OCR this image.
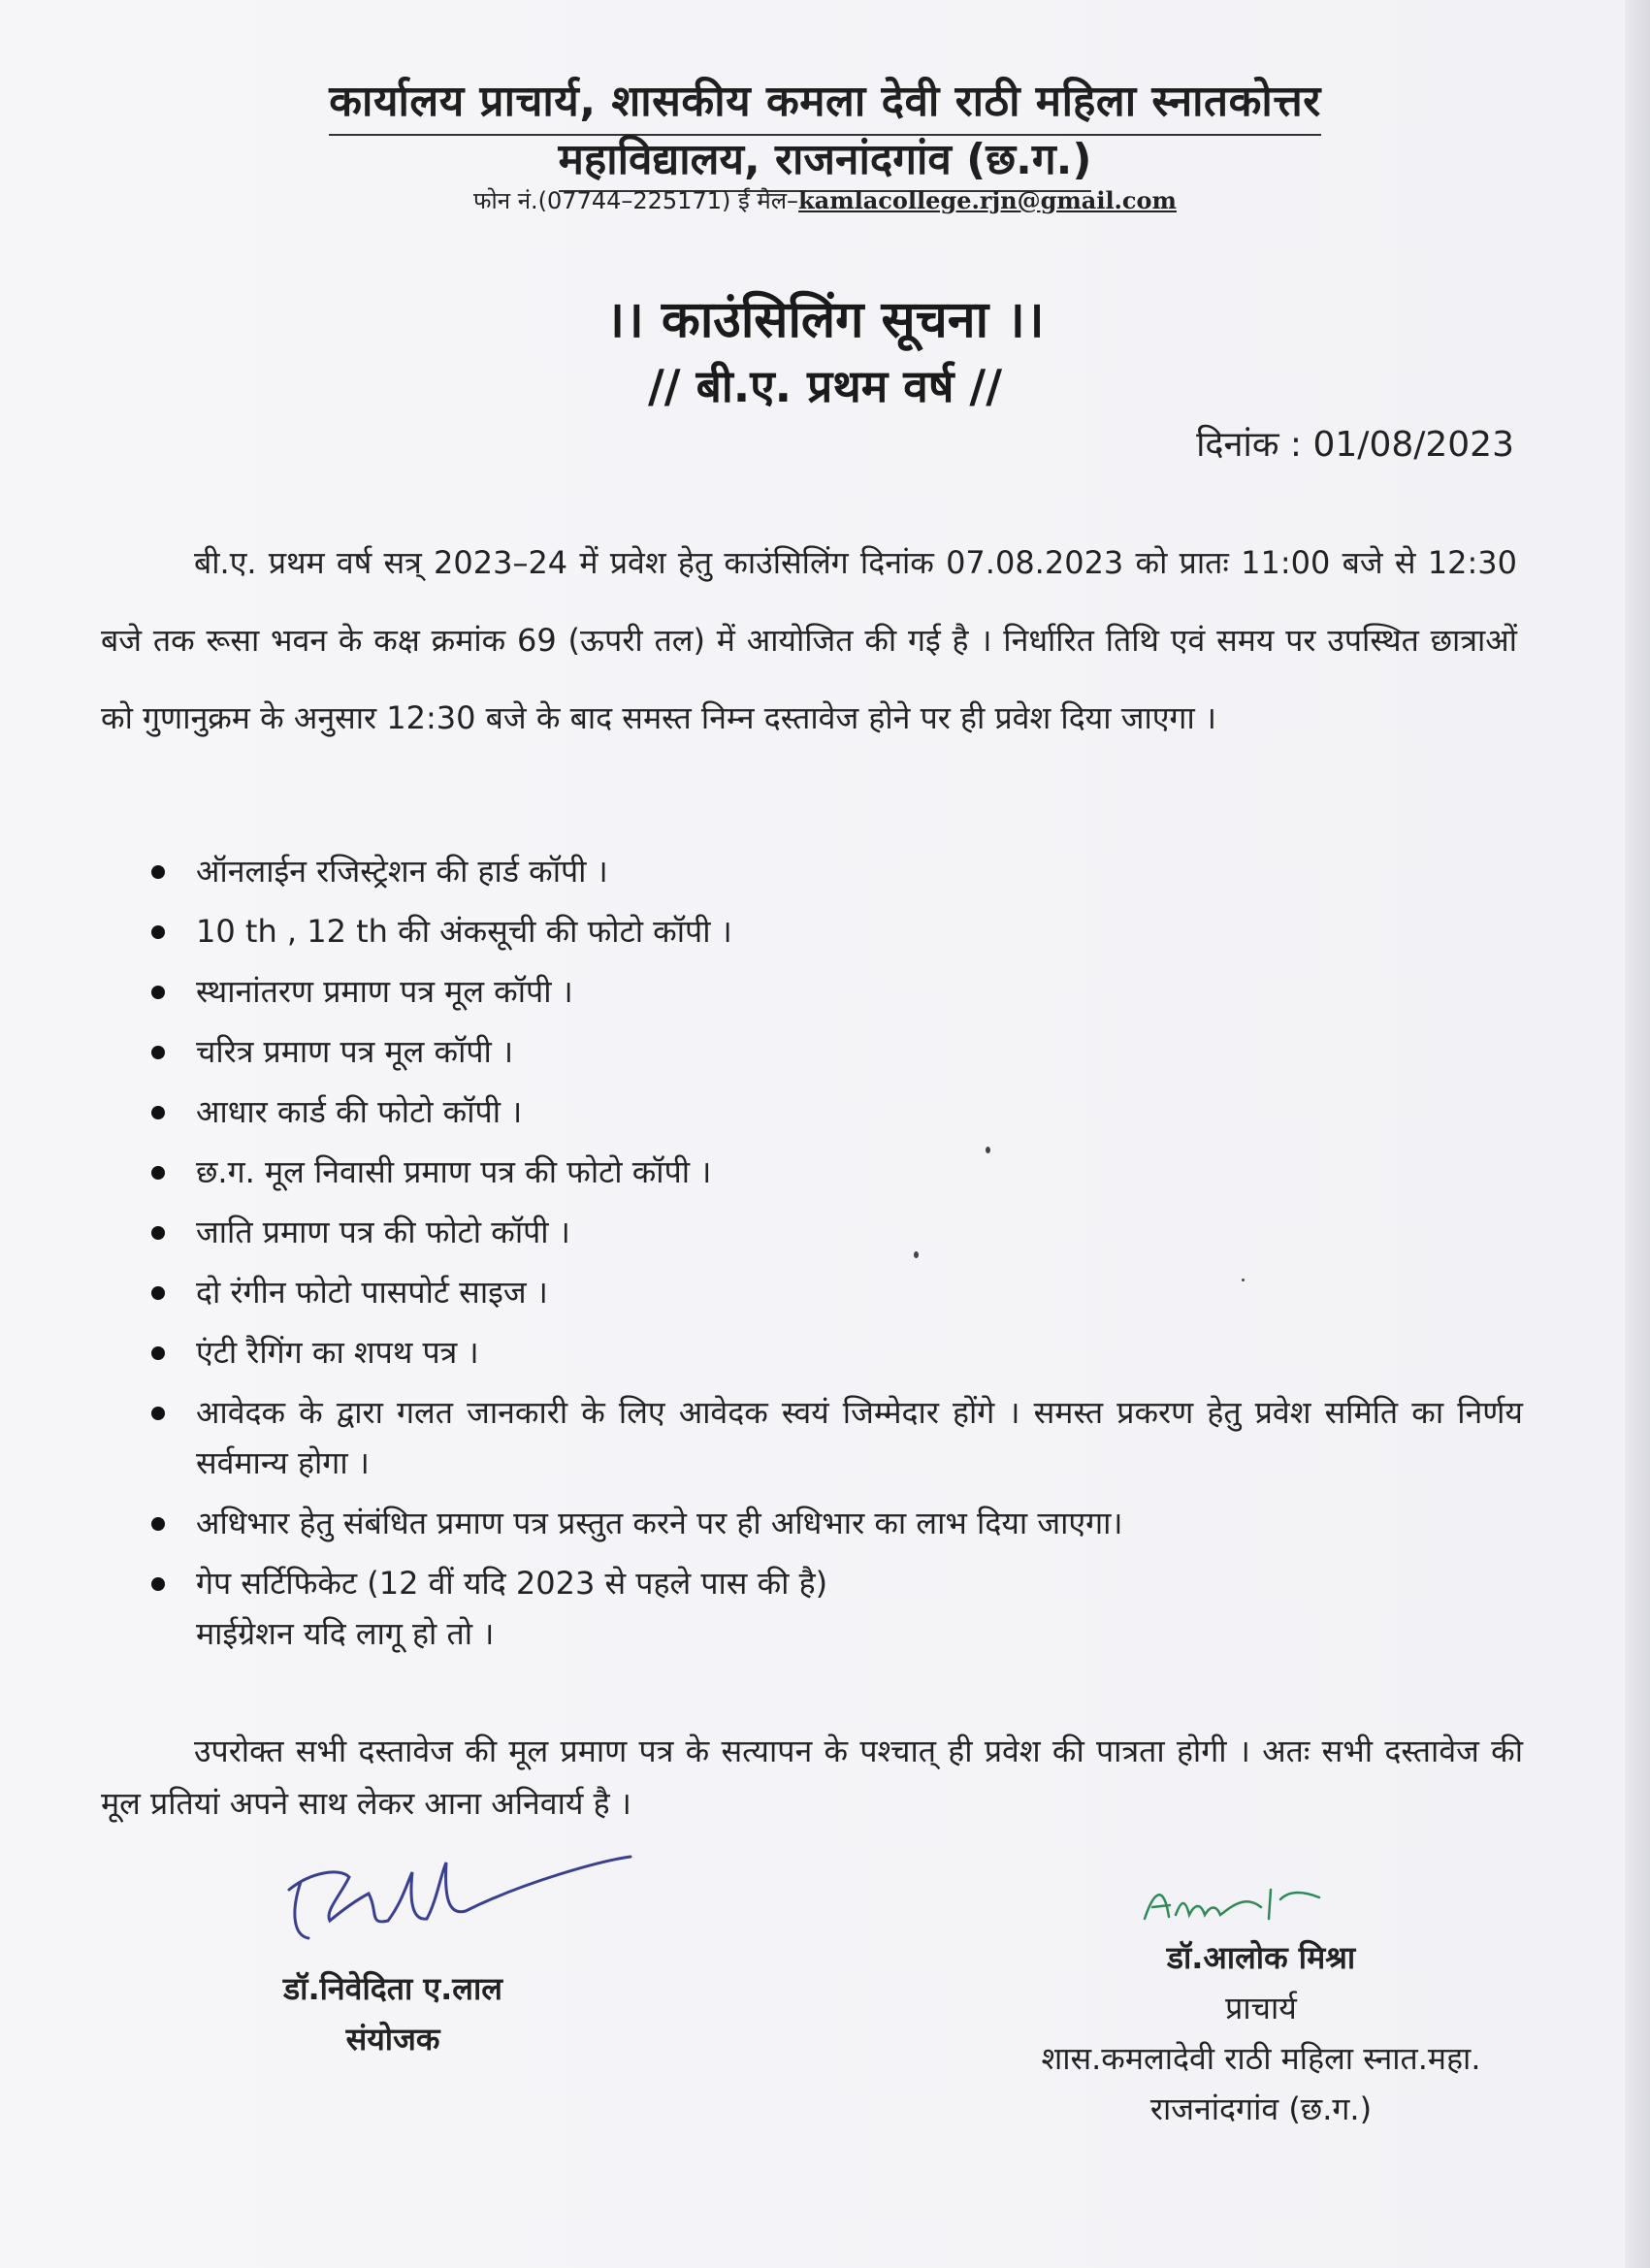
कार्यालय प्राचार्य, शासकीय कमला देवी राठी महिला स्नातकोत्तर
महाविद्यालय, राजनांदगांव (छ.ग.)
फोन नं.(07744–225171) ई मेल–kamlacollege.rjn@gmail.com
।। काउंसिलिंग सूचना ।।
// बी.ए. प्रथम वर्ष //
दिनांक : 01/08/2023
बी.ए. प्रथम वर्ष सत्र् 2023–24 में प्रवेश हेतु काउंसिलिंग दिनांक 07.08.2023 को प्रातः 11:00 बजे से 12:30 बजे तक रूसा भवन के कक्ष क्रमांक 69 (ऊपरी तल) में आयोजित की गई है । निर्धारित तिथि एवं समय पर उपस्थित छात्राओं को गुणानुक्रम के अनुसार 12:30 बजे के बाद समस्त निम्न दस्तावेज होने पर ही प्रवेश दिया जाएगा ।
ऑनलाईन रजिस्ट्रेशन की हार्ड कॉपी ।
10 th , 12 th की अंकसूची की फोटो कॉपी ।
स्थानांतरण प्रमाण पत्र मूल कॉपी ।
चरित्र प्रमाण पत्र मूल कॉपी ।
आधार कार्ड की फोटो कॉपी ।
छ.ग. मूल निवासी प्रमाण पत्र की फोटो कॉपी ।
जाति प्रमाण पत्र की फोटो कॉपी ।
दो रंगीन फोटो पासपोर्ट साइज ।
एंटी रैगिंग का शपथ पत्र ।
आवेदक के द्वारा गलत जानकारी के लिए आवेदक स्वयं जिम्मेदार होंगे । समस्त प्रकरण हेतु प्रवेश समिति का निर्णय सर्वमान्य होगा ।
अधिभार हेतु संबंधित प्रमाण पत्र प्रस्तुत करने पर ही अधिभार का लाभ दिया जाएगा।
गेप सर्टिफिकेट (12 वीं यदि 2023 से पहले पास की है)
माईग्रेशन यदि लागू हो तो ।
उपरोक्त सभी दस्तावेज की मूल प्रमाण पत्र के सत्यापन के पश्चात् ही प्रवेश की पात्रता होगी । अतः सभी दस्तावेज की मूल प्रतियां अपने साथ लेकर आना अनिवार्य है ।
डॉ.निवेदिता ए.लाल
संयोजक
डॉ.आलोक मिश्रा
प्राचार्य
शास.कमलादेवी राठी महिला स्नात.महा.
राजनांदगांव (छ.ग.)
